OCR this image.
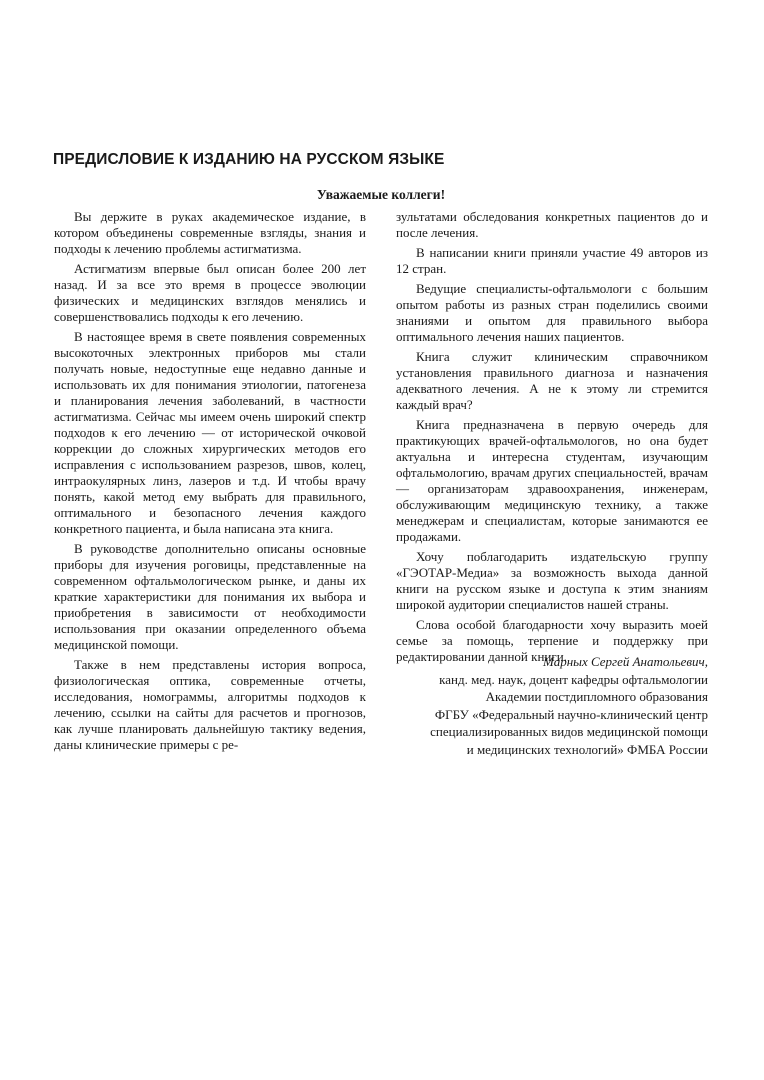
ПРЕДИСЛОВИЕ К ИЗДАНИЮ НА РУССКОМ ЯЗЫКЕ
Уважаемые коллеги!

Вы держите в руках академическое издание, в котором объединены современные взгляды, знания и подходы к лечению проблемы астигматизма.

Астигматизм впервые был описан более 200 лет назад. И за все это время в процессе эволюции физических и медицинских взглядов менялись и совершенствовались подходы к его лечению.

В настоящее время в свете появления современных высокоточных электронных приборов мы стали получать новые, недоступные еще недавно данные и использовать их для понимания этиологии, патогенеза и планирования лечения заболеваний, в частности астигматизма. Сейчас мы имеем очень широкий спектр подходов к его лечению — от исторической очковой коррекции до сложных хирургических методов его исправления с использованием разрезов, швов, колец, интраокулярных линз, лазеров и т.д. И чтобы врачу понять, какой метод ему выбрать для правильного, оптимального и безопасного лечения каждого конкретного пациента, и была написана эта книга.

В руководстве дополнительно описаны основные приборы для изучения роговицы, представленные на современном офтальмологическом рынке, и даны их краткие характеристики для понимания их выбора и приобретения в зависимости от необходимости использования при оказании определенного объема медицинской помощи.

Также в нем представлены история вопроса, физиологическая оптика, современные отчеты, исследования, номограммы, алгоритмы подходов к лечению, ссылки на сайты для расчетов и прогнозов, как лучше планировать дальнейшую тактику ведения, даны клинические примеры с ре-

зультатами обследования конкретных пациентов до и после лечения.

В написании книги приняли участие 49 авторов из 12 стран.

Ведущие специалисты-офтальмологи с большим опытом работы из разных стран поделились своими знаниями и опытом для правильного выбора оптимального лечения наших пациентов.

Книга служит клиническим справочником установления правильного диагноза и назначения адекватного лечения. А не к этому ли стремится каждый врач?

Книга предназначена в первую очередь для практикующих врачей-офтальмологов, но она будет актуальна и интересна студентам, изучающим офтальмологию, врачам других специальностей, врачам — организаторам здравоохранения, инженерам, обслуживающим медицинскую технику, а также менеджерам и специалистам, которые занимаются ее продажами.

Хочу поблагодарить издательскую группу «ГЭОТАР-Медиа» за возможность выхода данной книги на русском языке и доступа к этим знаниям широкой аудитории специалистов нашей страны.

Слова особой благодарности хочу выразить моей семье за помощь, терпение и поддержку при редактировании данной книги.

Марных Сергей Анатольевич,
канд. мед. наук, доцент кафедры офтальмологии
Академии постдипломного образования
ФГБУ «Федеральный научно-клинический центр
специализированных видов медицинской помощи
и медицинских технологий» ФМБА России
